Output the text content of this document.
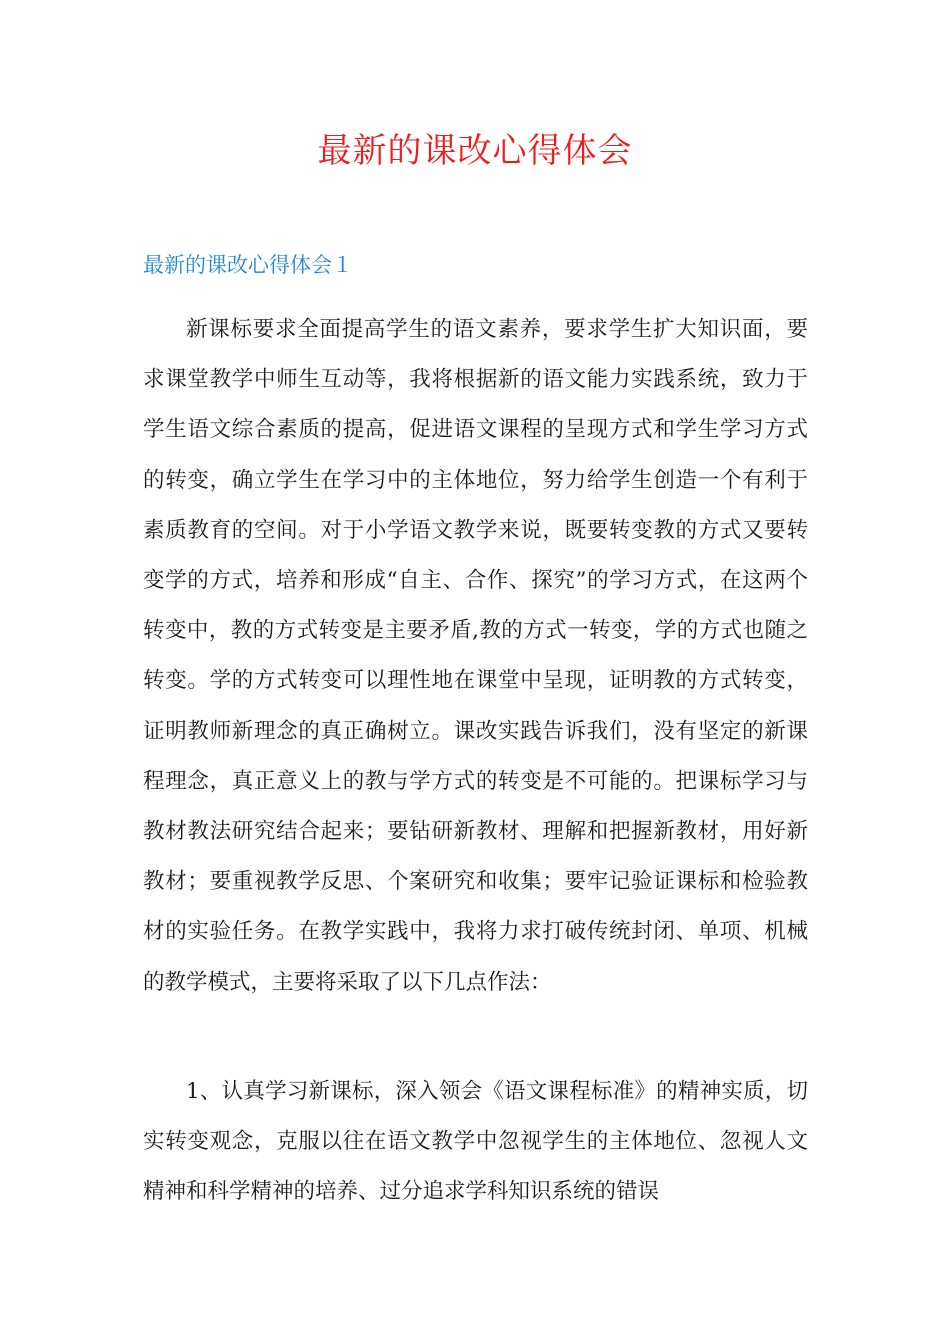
最新的课改心得体会
最新的课改心得体会１

新课标要求全面提高学生的语文素养，要求学生扩大知识面，要求课堂教学中师生互动等，我将根据新的语文能力实践系统，致力于学生语文综合素质的提高，促进语文课程的呈现方式和学生学习方式的转变，确立学生在学习中的主体地位，努力给学生创造一个有利于素质教育的空间。对于小学语文教学来说，既要转变教的方式又要转变学的方式，培养和形成“自主、合作、探究”的学习方式，在这两个转变中，教的方式转变是主要矛盾,教的方式一转变，学的方式也随之转变。学的方式转变可以理性地在课堂中呈现，证明教的方式转变，证明教师新理念的真正确树立。课改实践告诉我们，没有坚定的新课程理念，真正意义上的教与学方式的转变是不可能的。把课标学习与教材教法研究结合起来；要钻研新教材、理解和把握新教材，用好新教材；要重视教学反思、个案研究和收集；要牢记验证课标和检验教材的实验任务。在教学实践中，我将力求打破传统封闭、单项、机械的教学模式，主要将采取了以下几点作法：

1、认真学习新课标，深入领会《语文课程标准》的精神实质，切实转变观念，克服以往在语文教学中忽视学生的主体地位、忽视人文精神和科学精神的培养、过分追求学科知识系统的错误
